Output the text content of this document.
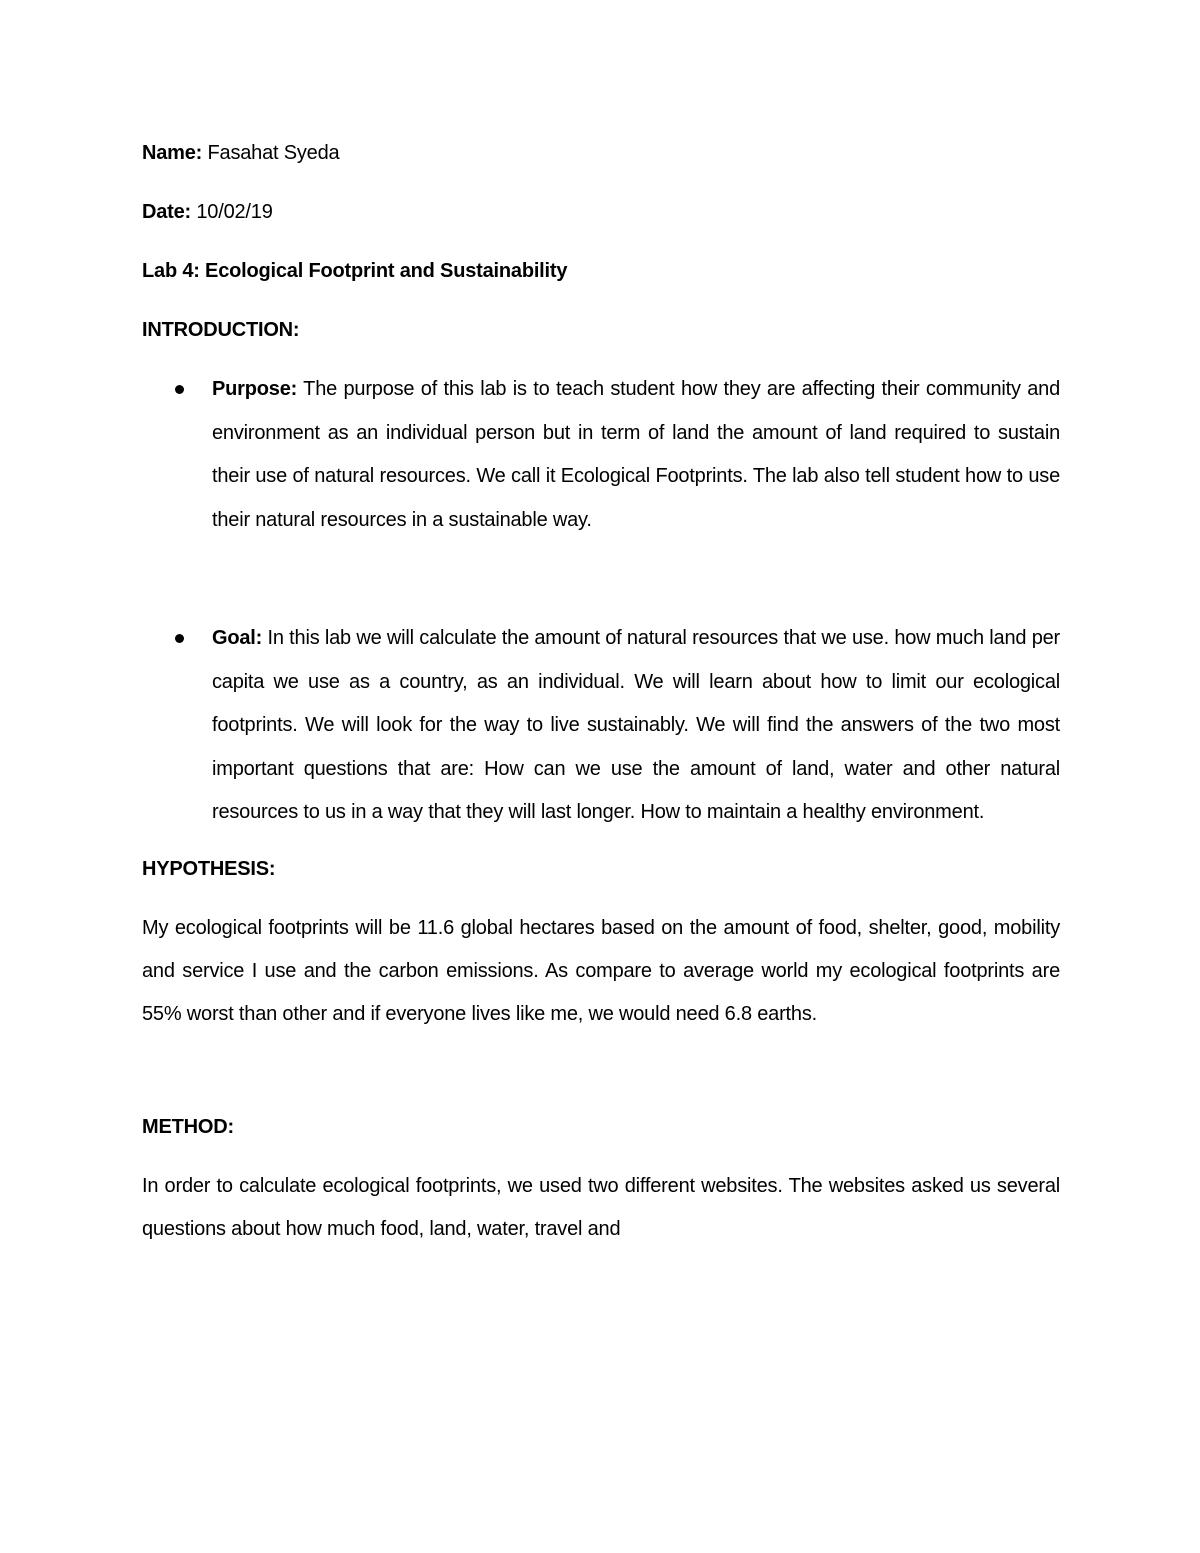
Name: Fasahat Syeda

Date: 10/02/19

Lab 4: Ecological Footprint and Sustainability

INTRODUCTION:

Purpose: The purpose of this lab is to teach student how they are affecting their community and environment as an individual person but in term of land the amount of land required to sustain their use of natural resources. We call it Ecological Footprints. The lab also tell student how to use their natural resources in a sustainable way.
Goal: In this lab we will calculate the amount of natural resources that we use. how much land per capita we use as a country, as an individual. We will learn about how to limit our ecological footprints. We will look for the way to live sustainably. We will find the answers of the two most important questions that are: How can we use the amount of land, water and other natural resources to us in a way that they will last longer. How to maintain a healthy environment.

HYPOTHESIS:

My ecological footprints will be 11.6 global hectares based on the amount of food, shelter, good, mobility and service I use and the carbon emissions. As compare to average world my ecological footprints are 55% worst than other and if everyone lives like me, we would need 6.8 earths.

METHOD:

In order to calculate ecological footprints, we used two different websites. The websites asked us several questions about how much food, land, water, travel and
